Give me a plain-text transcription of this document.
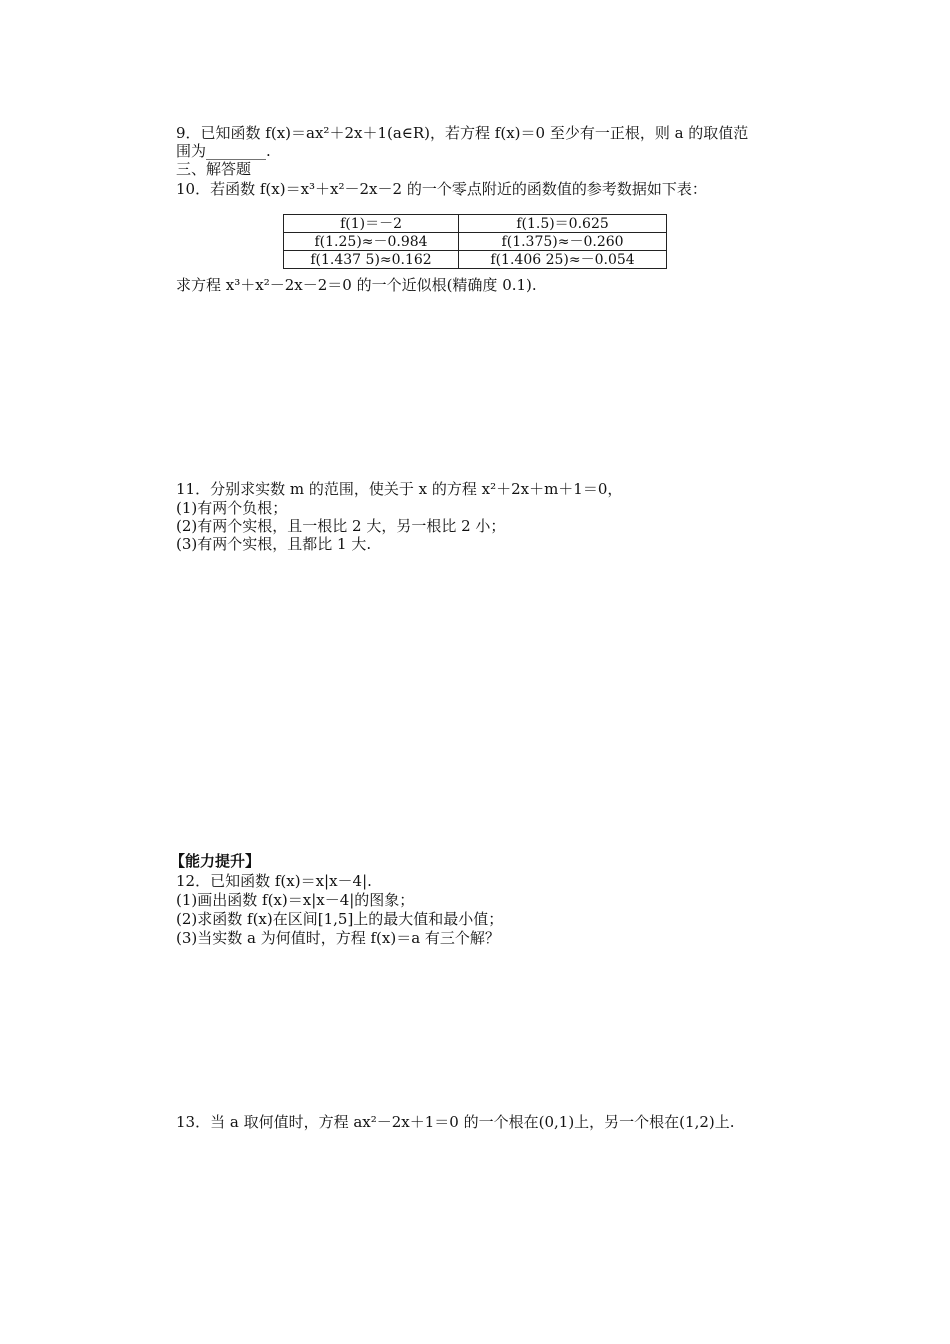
9．已知函数 f(x)＝ax²＋2x＋1(a∈R)，若方程 f(x)＝0 至少有一正根，则 a 的取值范
围为________.
三、解答题
10．若函数 f(x)＝x³＋x²－2x－2 的一个零点附近的函数值的参考数据如下表：
f(1)＝－2	f(1.5)＝0.625
f(1.25)≈－0.984	f(1.375)≈－0.260
f(1.437 5)≈0.162	f(1.406 25)≈－0.054
求方程 x³＋x²－2x－2＝0 的一个近似根(精确度 0.1).
11．分别求实数 m 的范围，使关于 x 的方程 x²＋2x＋m＋1＝0，
(1)有两个负根；
(2)有两个实根，且一根比 2 大，另一根比 2 小；
(3)有两个实根，且都比 1 大.
【能力提升】
12．已知函数 f(x)＝x|x－4|.
(1)画出函数 f(x)＝x|x－4|的图象；
(2)求函数 f(x)在区间[1,5]上的最大值和最小值；
(3)当实数 a 为何值时，方程 f(x)＝a 有三个解？
13．当 a 取何值时，方程 ax²－2x＋1＝0 的一个根在(0,1)上，另一个根在(1,2)上.
